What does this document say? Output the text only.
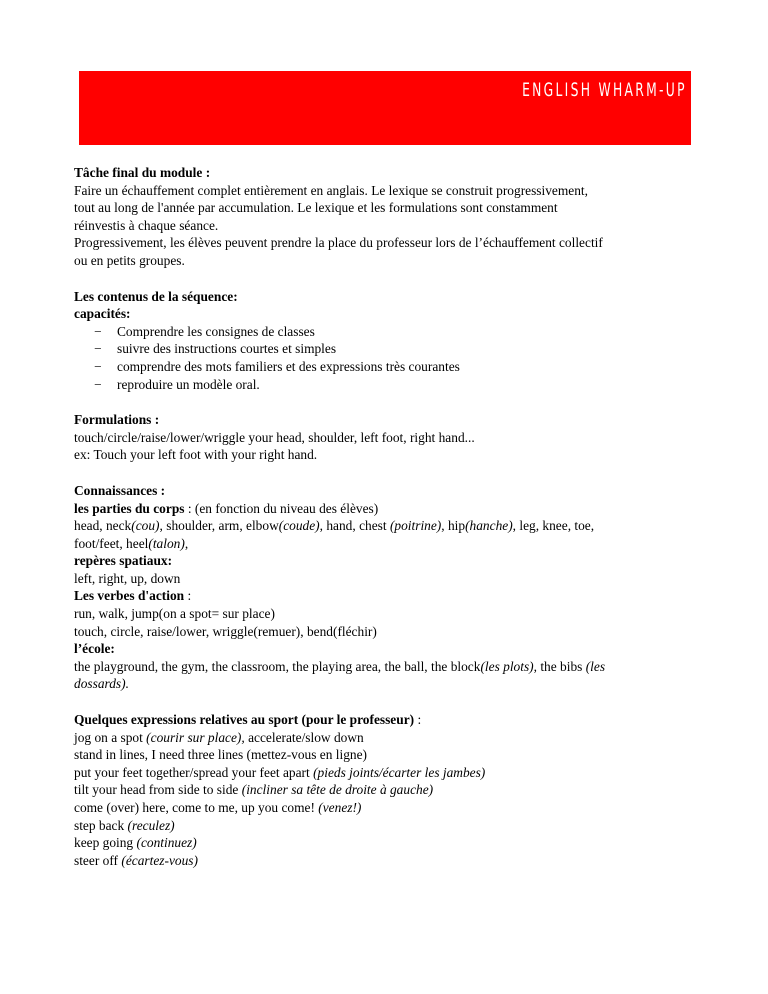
ENGLISH WHARM-UP
Tâche final du module :
Faire un échauffement complet entièrement en anglais. Le lexique se construit progressivement,
tout au long de l'année par accumulation. Le lexique et les formulations sont constamment
réinvestis à chaque séance.
Progressivement, les élèves peuvent prendre la place du professeur lors de l’échauffement collectif
ou en petits groupes.
Les contenus de la séquence:
capacités:
− Comprendre les consignes de classes
− suivre des instructions courtes et simples
− comprendre des mots familiers et des expressions très courantes
− reproduire un modèle oral.
Formulations :
touch/circle/raise/lower/wriggle your head, shoulder, left foot, right hand...
ex: Touch your left foot with your right hand.
Connaissances :
les parties du corps : (en fonction du niveau des élèves)
head, neck(cou), shoulder, arm, elbow(coude), hand, chest (poitrine), hip(hanche), leg, knee, toe,
foot/feet, heel(talon),
repères spatiaux:
left, right, up, down
Les verbes d'action :
run, walk, jump(on a spot= sur place)
touch, circle, raise/lower, wriggle(remuer), bend(fléchir)
l’école:
the playground, the gym, the classroom, the playing area, the ball, the block(les plots), the bibs (les
dossards).
Quelques expressions relatives au sport (pour le professeur) :
jog on a spot (courir sur place), accelerate/slow down
stand in lines, I need three lines (mettez-vous en ligne)
put your feet together/spread your feet apart (pieds joints/écarter les jambes)
tilt your head from side to side (incliner sa tête de droite à gauche)
come (over) here, come to me, up you come! (venez!)
step back (reculez)
keep going (continuez)
steer off (écartez-vous)
